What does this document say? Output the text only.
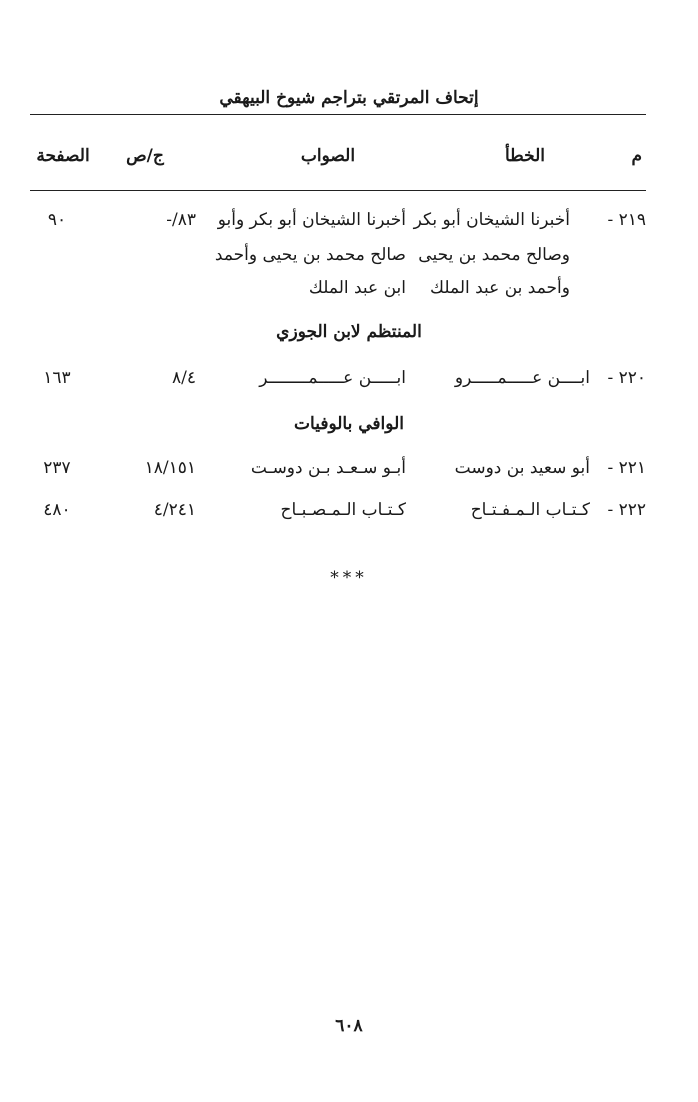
إتحاف المرتقي بتراجم شيوخ البيهقي
م
الخطأ
الصواب
ج/ص
الصفحة
٢١٩ -
أخبرنا الشيخان أبو بكر
وصالح محمد بن يحيى
وأحمد بن عبد الملك
أخبرنا الشيخان أبو بكر وأبو
صالح محمد بن يحيى وأحمد
ابن عبد الملك
-/٨٣
٩٠
المنتظم لابن الجوزي
٢٢٠ -
ابــــن عـــــمـــــرو
ابـــــن عـــــمــــــــر
٨/٤
١٦٣
الوافي بالوفيات
٢٢١ -
أبو سعيد بن دوست
أبـو سـعـد بـن دوسـت
١٨/١٥١
٢٣٧
٢٢٢ -
كـتـاب الـمـفـتـاح
كـتـاب الـمـصـبـاح
٤/٢٤١
٤٨٠
***
٦٠٨
